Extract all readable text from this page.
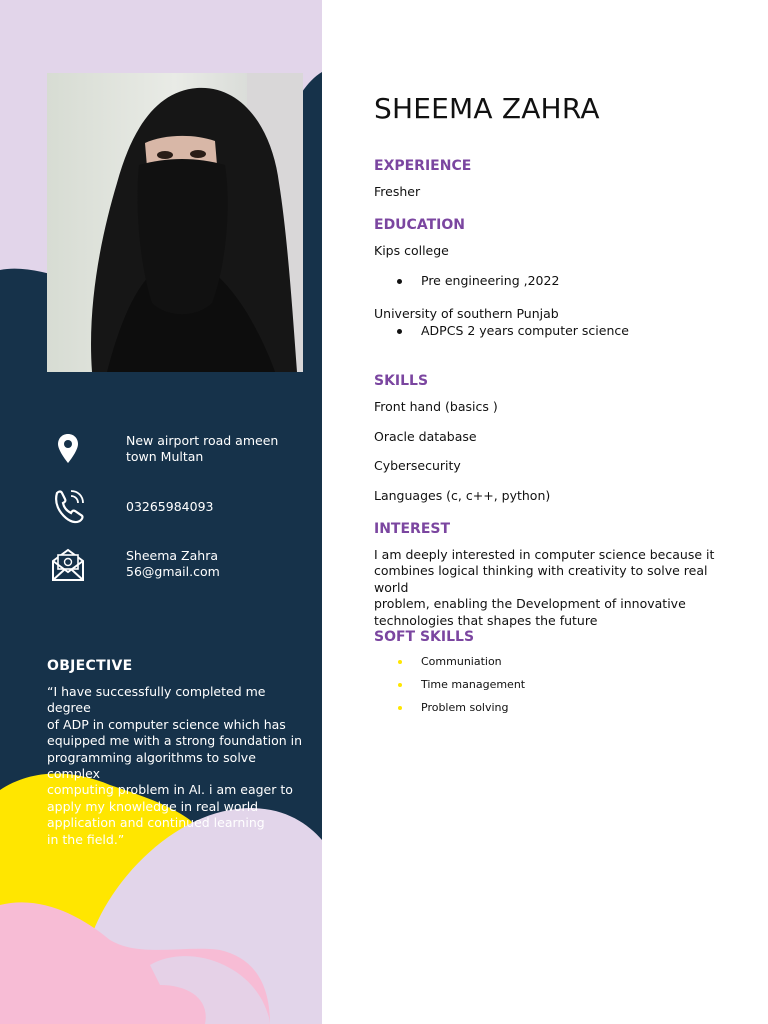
New airport road ameen
town Multan
03265984093
Sheema Zahra
56@gmail.com
OBJECTIVE
“I have successfully completed me degree
of ADP in computer science which has
equipped me with a strong foundation in
programming algorithms to solve complex
computing problem in AI. i am eager to
apply my knowledge in real world
application and continued learning
in the field.”
SHEEMA ZAHRA
EXPERIENCE
Fresher
EDUCATION
Kips college
Pre engineering ,2022
University of southern Punjab
ADPCS 2 years computer science
SKILLS
Front hand (basics )
Oracle database
Cybersecurity
Languages (c, c++, python)
INTEREST
I am deeply interested in computer science because it
combines logical thinking with creativity to solve real world
problem, enabling the Development of innovative
technologies that shapes the future
SOFT SKILLS
Communiation
Time management
Problem solving
